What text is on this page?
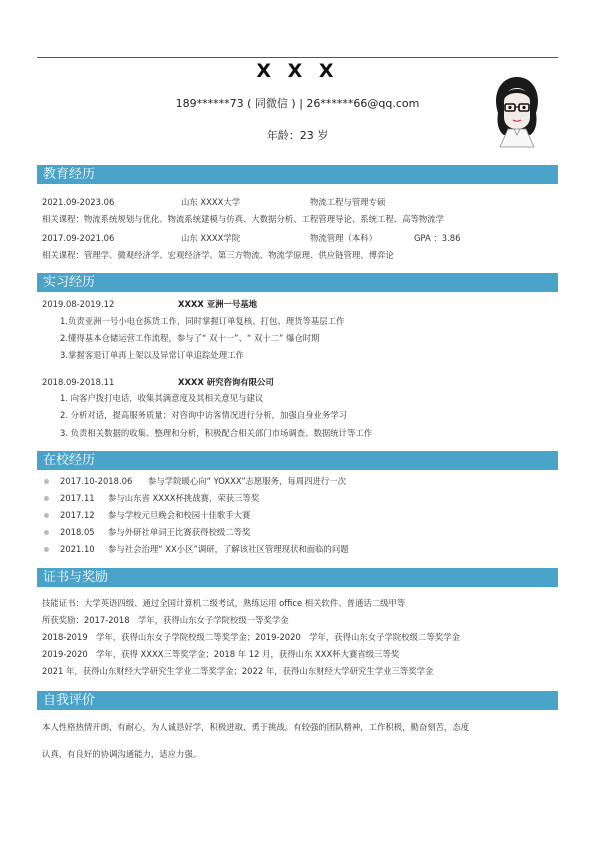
X X X
189******73 ( 同微信 ) | 26******66@qq.com
年龄：23 岁
教育经历
2021.09-2023.06	山东 XXXX大学	物流工程与管理专硕
相关课程：物流系统规划与优化、物流系统建模与仿真、大数据分析、工程管理导论、系统工程、高等物流学
2017.09-2021.06	山东 XXXX学院	物流管理（本科）	GPA ：3.86
相关课程：管理学、微观经济学、宏观经济学、第三方物流、物流学原理、供应链管理、博弈论
实习经历
2019.08-2019.12	XXXX 亚洲一号基地
1.负责亚洲一号小电仓拣货工作，同时掌握订单复核、打包、理货等基层工作
2.懂得基本仓储运营工作流程，参与了“ 双十一”、“ 双十二” 爆仓时期
3.掌握客退订单再上架以及异常订单追踪处理工作
2018.09-2018.11	XXXX 研究咨询有限公司
1. 向客户拨打电话，收集其满意度及其相关意见与建议
2. 分析对话，提高服务质量；对咨询中访客情况进行分析，加强自身业务学习
3. 负责相关数据的收集、整理和分析，积极配合相关部门市场调查、数据统计等工作
在校经历
2017.10-2018.06 参与学院暖心向“ YOXXX”志愿服务，每周四进行一次
2017.11 参与山东省 XXXX杯挑战赛，荣获三等奖
2017.12 参与学校元旦晚会和校园十佳歌手大赛
2018.05 参与外研社单词王比赛获得校级二等奖
2021.10 参与社会治理“ XX小区”调研，了解该社区管理现状和面临的问题
证书与奖励
技能证书：大学英语四级、通过全国计算机二级考试，熟练运用 office 相关软件、普通话二级甲等
所获奖励：2017-2018　学年，获得山东女子学院校级一等奖学金
2018-2019　学年，获得山东女子学院校级二等奖学金；2019-2020　学年，获得山东女子学院校级二等奖学金
2019-2020　学年，获得 XXXX三等奖学金；2018 年 12 月，获得山东 XXX杯大赛省级三等奖
2021 年，获得山东财经大学研究生学业二等奖学金；2022 年，获得山东财经大学研究生学业三等奖学金
自我评价
本人性格热情开朗，有耐心，为人诚恳好学，积极进取，勇于挑战。有较强的团队精神，工作积极，勤奋刻苦，态度
认真，有良好的协调沟通能力，适应力强。
